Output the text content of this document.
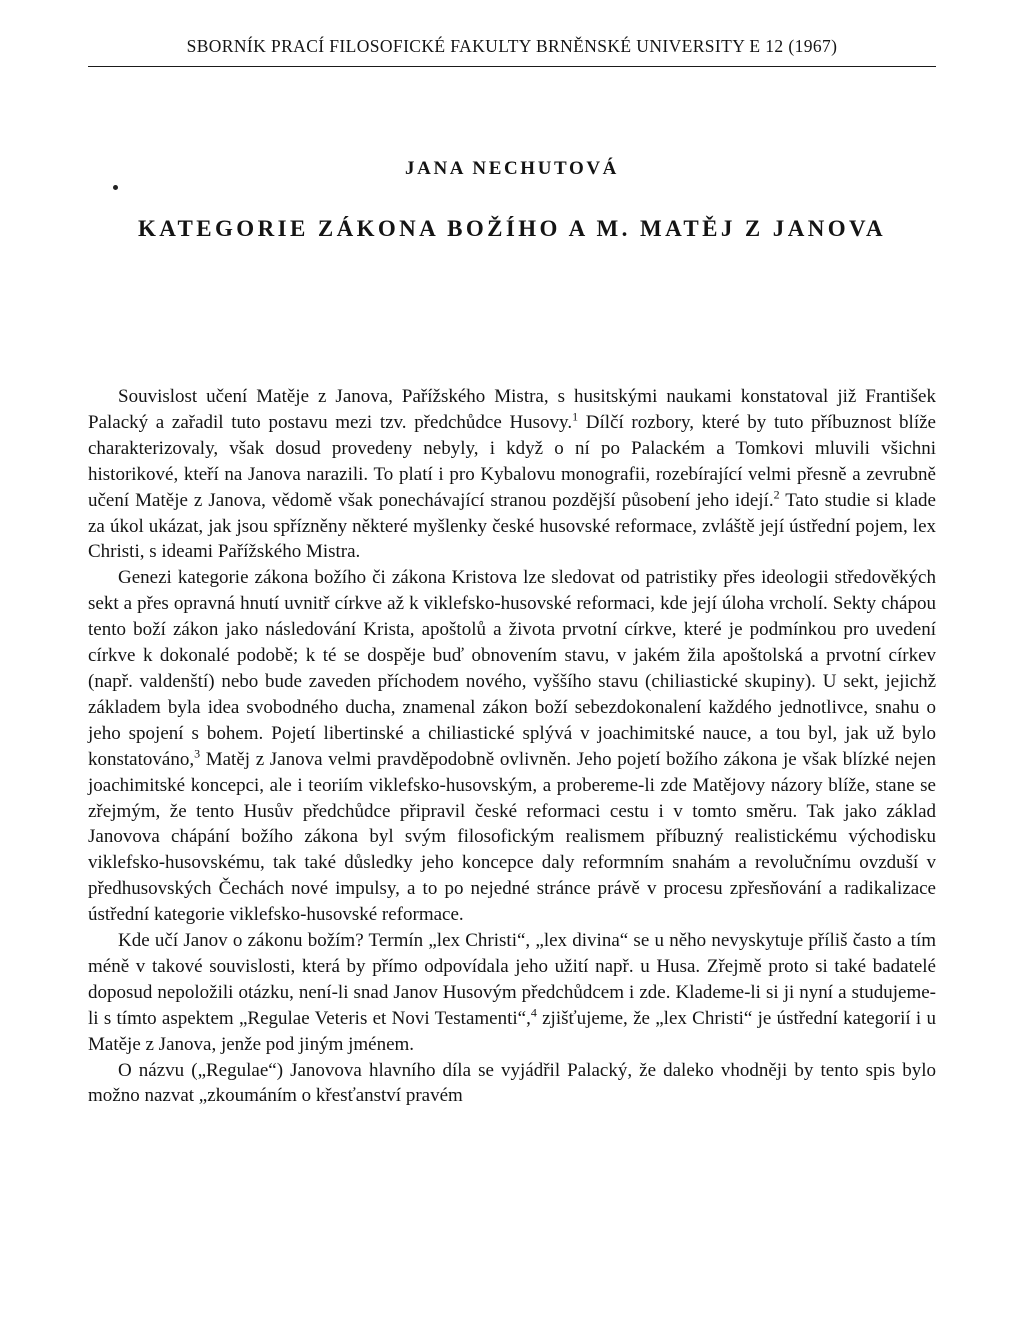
SBORNÍK PRACÍ FILOSOFICKÉ FAKULTY BRNĚNSKÉ UNIVERSITY E 12 (1967)
JANA NECHUTOVÁ
KATEGORIE ZÁKONA BOŽÍHO A M. MATĚJ Z JANOVA

Souvislost učení Matěje z Janova, Pařížského Mistra, s husitskými naukami konstatoval již František Palacký a zařadil tuto postavu mezi tzv. předchůdce Husovy.$^1$ Dílčí rozbory, které by tuto příbuznost blíže charakterizovaly, však dosud provedeny nebyly, i když o ní po Palackém a Tomkovi mluvili všichni historikové, kteří na Janova narazili. To platí i pro Kybalovu monografii, rozebírající velmi přesně a zevrubně učení Matěje z Janova, vědomě však ponechávající stranou pozdější působení jeho idejí.$^2$ Tato studie si klade za úkol ukázat, jak jsou spřízněny některé myšlenky české husovské reformace, zvláště její ústřední pojem, lex Christi, s ideami Pařížského Mistra.

Genezi kategorie zákona božího či zákona Kristova lze sledovat od patristiky přes ideologii středověkých sekt a přes opravná hnutí uvnitř církve až k viklefsko-husovské reformaci, kde její úloha vrcholí. Sekty chápou tento boží zákon jako následování Krista, apoštolů a života prvotní církve, které je podmínkou pro uvedení církve k dokonalé podobě; k té se dospěje buď obnovením stavu, v jakém žila apoštolská a prvotní církev (např. valdenští) nebo bude zaveden příchodem nového, vyššího stavu (chiliastické skupiny). U sekt, jejichž základem byla idea svobodného ducha, znamenal zákon boží sebezdokonalení každého jednotlivce, snahu o jeho spojení s bohem. Pojetí libertinské a chiliastické splývá v joachimitské nauce, a tou byl, jak už bylo konstatováno,$^3$ Matěj z Janova velmi pravděpodobně ovlivněn. Jeho pojetí božího zákona je však blízké nejen joachimitské koncepci, ale i teoriím viklefsko-husovským, a probereme-li zde Matějovy názory blíže, stane se zřejmým, že tento Husův předchůdce připravil české reformaci cestu i v tomto směru. Tak jako základ Janovova chápání božího zákona byl svým filosofickým realismem příbuzný realistickému východisku viklefsko-husovskému, tak také důsledky jeho koncepce daly reformním snahám a revolučnímu ovzduší v předhusovských Čechách nové impulsy, a to po nejedné stránce právě v procesu zpřesňování a radikalizace ústřední kategorie viklefsko-husovské reformace.

Kde učí Janov o zákonu božím? Termín „lex Christi“, „lex divina“ se u něho nevyskytuje příliš často a tím méně v takové souvislosti, která by přímo odpovídala jeho užití např. u Husa. Zřejmě proto si také badatelé doposud nepoložili otázku, není-li snad Janov Husovým předchůdcem i zde. Klademe-li si ji nyní a studujeme-li s tímto aspektem „Regulae Veteris et Novi Testamenti“,$^4$ zjišťujeme, že „lex Christi“ je ústřední kategorií i u Matěje z Janova, jenže pod jiným jménem.

O názvu („Regulae“) Janovova hlavního díla se vyjádřil Palacký, že daleko vhodněji by tento spis bylo možno nazvat „zkoumáním o křesťanství pravém
